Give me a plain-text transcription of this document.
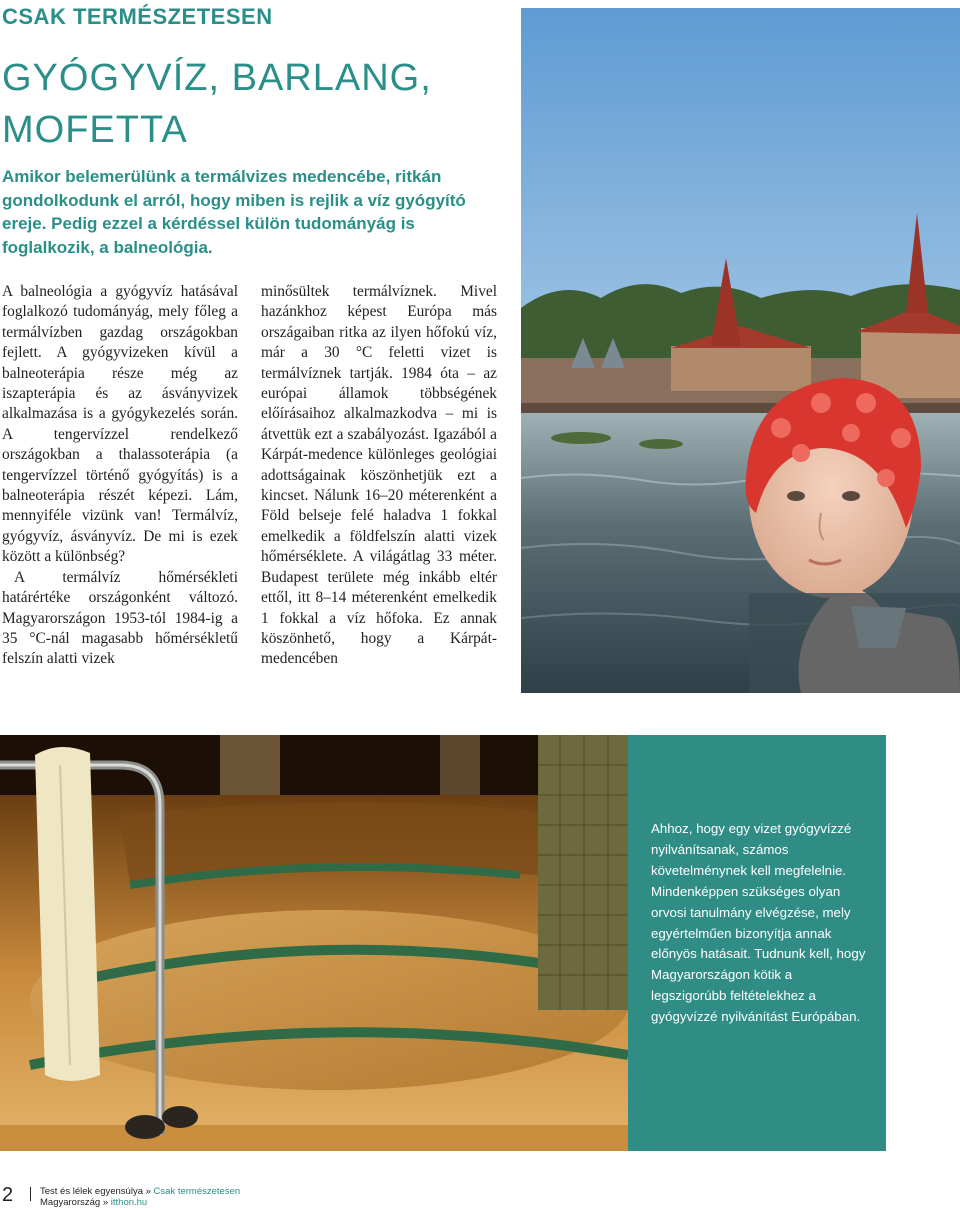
CSAK TERMÉSZETESEN
GYÓGYVÍZ, BARLANG,
MOFETTA
Amikor belemerülünk a termálvizes medencébe, ritkán gondolkodunk el arról, hogy miben is rejlik a víz gyógyító ereje. Pedig ezzel a kérdéssel külön tudományág is foglalkozik, a balneológia.

A balneológia a gyógyvíz hatásával foglalkozó tudományág, mely főleg a termálvízben gazdag országokban fejlett. A gyógyvizeken kívül a balneoterápia része még az iszapterápia és az ásványvizek alkalmazása is a gyógykezelés során. A tengervízzel rendelkező országokban a thalassoterápia (a tengervízzel történő gyógyítás) is a balneoterápia részét képezi. Lám, mennyiféle vizünk van! Termálvíz, gyógyvíz, ásványvíz. De mi is ezek között a különbség?

A termálvíz hőmérsékleti határértéke országonként változó. Magyarországon 1953-tól 1984-ig a 35 °C-nál magasabb hőmérsékletű felszín alatti vizek

minősültek termálvíznek. Mivel hazánkhoz képest Európa más országaiban ritka az ilyen hőfokú víz, már a 30 °C feletti vizet is termálvíznek tartják. 1984 óta – az európai államok többségének előírásaihoz alkalmazkodva – mi is átvettük ezt a szabályozást. Igazából a Kárpát-medence különleges geológiai adottságainak köszönhetjük ezt a kincset. Nálunk 16–20 méterenként a Föld belseje felé haladva 1 fokkal emelkedik a földfelszín alatti vizek hőmérséklete. A világátlag 33 méter. Budapest területe még inkább eltér ettől, itt 8–14 méterenként emelkedik 1 fokkal a víz hőfoka. Ez annak köszönhető, hogy a Kárpát-medencében

Ahhoz, hogy egy vizet gyógyvízzé nyilvánítsanak, számos követelménynek kell megfelelnie. Mindenképpen szükséges olyan orvosi tanulmány elvégzése, mely egyértelműen bizonyítja annak előnyös hatásait. Tudnunk kell, hogy Magyarországon kötik a legszigorúbb feltételekhez a gyógyvízzé nyilvánítást Európában.
2	Test és lélek egyensúlya » Csak természetesen
Magyarország » itthon.hu
